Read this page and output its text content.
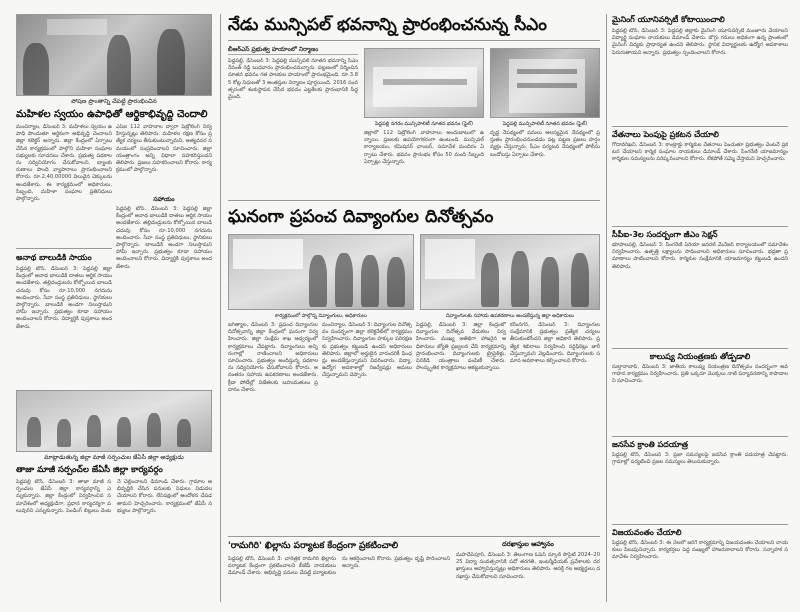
పోషణ ప్రాంతాన్ని చేపట్టి ప్రారంభించిన
మహిళల స్వయం ఉపాధితో ఆర్థికాభివృద్ధి చెందాలి
మంచిర్యాల, డిసెంబర్ 3: మహిళలు స్వయం ఉపాధి పొందుతూ ఆర్థికంగా అభివృద్ధి చెందాలని జిల్లా కలెక్టర్ అన్నారు. జిల్లా కేంద్రంలో ఏర్పాటు చేసిన కార్యక్రమంలో పాల్గొని మహిళా సంఘాల సభ్యులకు సూచనలు చేశారు. ప్రభుత్వ పథకాలను సద్వినియోగం చేసుకోవాలని, బ్యాంకు రుణాలు పొంది వ్యాపారాలు ప్రారంభించాలని కోరారు. రూ.2,40,00000 విలువైన చెక్కులను అందజేశారు. ఈ కార్యక్రమంలో అధికారులు, సిబ్బంది, మహిళా సంఘాల ప్రతినిధులు పాల్గొన్నారు.
ఎస్ఐ 112 వాహనాల ద్వారా పెట్రోలింగ్ నిర్వహిస్తున్నట్లు తెలిపారు. మహిళల రక్షణ కోసం ప్రత్యేక చర్యలు తీసుకుంటున్నామని, అత్యవసర సమయంలో సంప్రదించాలని సూచించారు. జిల్లా యంత్రాంగం అన్ని విధాలా సహకరిస్తుందని తెలిపారు. ప్రజలు సహకరించాలని కోరారు. కార్యక్రమంలో పాల్గొన్నారు.
సహాయం
పెద్దపల్లి టౌన్, డిసెంబర్ 3: పెద్దపల్లి జిల్లా కేంద్రంలో అనాథ బాలుడికి దాతలు ఆర్థిక సాయం అందజేశారు. తల్లిదండ్రులను కోల్పోయిన బాలుడి చదువు కోసం రూ.10,000 నగదును అందించారు. సేవా సంస్థ ప్రతినిధులు, స్థానికులు పాల్గొన్నారు. బాలుడికి అండగా నిలుస్తామని హామీ ఇచ్చారు. ప్రభుత్వం కూడా సహాయం అందించాలని కోరారు. విద్యార్థికి పుస్తకాలు అందజేశారు.
అనాథ బాలుడికి సాయం
పెద్దపల్లి టౌన్, డిసెంబర్ 3: పెద్దపల్లి జిల్లా కేంద్రంలో అనాథ బాలుడికి దాతలు ఆర్థిక సాయం అందజేశారు. తల్లిదండ్రులను కోల్పోయిన బాలుడి చదువు కోసం రూ.10,000 నగదును అందించారు. సేవా సంస్థ ప్రతినిధులు, స్థానికులు పాల్గొన్నారు. బాలుడికి అండగా నిలుస్తామని హామీ ఇచ్చారు. ప్రభుత్వం కూడా సహాయం అందించాలని కోరారు. విద్యార్థికి పుస్తకాలు అందజేశారు.
మాట్లాడుతున్న జిల్లా మాజీ సర్పంచుల జేఏసీ జిల్లా అధ్యక్షుడు
తాజా మాజీ సర్పంచ్‌ల జేఏసీ జిల్లా కార్యవర్గం
పెద్దపల్లి టౌన్, డిసెంబర్ 3: తాజా మాజీ సర్పంచుల జేఏసీ జిల్లా కార్యవర్గాన్ని ఎన్నుకున్నారు. జిల్లా కేంద్రంలో నిర్వహించిన సమావేశంలో అధ్యక్షుడిగా, ప్రధాన కార్యదర్శిగా పలువురిని ఎన్నుకున్నారు. పెండింగ్ బిల్లులు వెంటనే చెల్లించాలని డిమాండ్ చేశారు. గ్రామాల అభివృద్ధికి చేసిన పనులకు నిధులు విడుదల చేయాలని కోరారు. లేనిపక్షంలో ఆందోళన చేపడతామని హెచ్చరించారు. కార్యక్రమంలో జేఏసీ సభ్యులు పాల్గొన్నారు.
నేడు మున్సిపల్ భవనాన్ని ప్రారంభించనున్న సీఎం
బీఆర్ఎస్ ప్రభుత్వ హయాంలో నిర్మాణం
పెద్దపల్లి, డిసెంబర్ 3: పెద్దపల్లి మున్సిపల్ నూతన భవనాన్ని సీఎం రేవంత్ రెడ్డి బుధవారం ప్రారంభించనున్నారు. పట్టణంలో నిర్మించిన నూతన భవనం గత పాలకుల హయాంలో ప్రారంభమైంది. రూ.3.85 కోట్ల నిధులతో 3 అంతస్తుల నిర్మాణం పూర్తయింది. 2016 సంవత్సరంలో శంకుస్థాపన చేసిన భవనం ఎట్టకేలకు ప్రారంభానికి సిద్ధమైంది.
పెద్దపల్లి నగరం మున్సిపాలిటీ నూతన భవనం (ఫైల్)	పెద్దపల్లి మున్సిపాలిటీ నూతన భవనం (ఫైల్)
జిల్లాలో 112 పెట్రోలింగ్ వాహనాలు అందుబాటులో ఉన్నాయి. ప్రజలకు ఉపయోగకరంగా ఉంటుంది. మున్సిపల్ కార్యాలయం, కమిషనర్ ఛాంబర్, సమావేశ మందిరం ఏర్పాటు చేశారు. భవనం ప్రారంభం కోసం 50 మంది సిబ్బంది ఏర్పాట్లు చేస్తున్నారు.
వృద్ధ నేపథ్యంలో పనులు ఆలస్యమైన నేపథ్యంలో ప్రస్తుతం ప్రారంభించనుండడం పట్ల పట్టణ ప్రజలు హర్షం వ్యక్తం చేస్తున్నారు. సీఎం పర్యటన నేపథ్యంలో పోలీసు బందోబస్తు ఏర్పాటు చేశారు.
ఘనంగా ప్రపంచ దివ్యాంగుల దినోత్సవం
కార్యక్రమంలో పాల్గొన్న దివ్యాంగులు, అధికారులు	దివ్యాంగులకు సహాయ ఉపకరణాలు అందజేస్తున్న జిల్లా అధికారులు
జగిత్యాల, డిసెంబర్ 3: ప్రపంచ దివ్యాంగుల దినోత్సవాన్ని జిల్లా కేంద్రంలో ఘనంగా నిర్వహించారు. జిల్లా సంక్షేమ శాఖ ఆధ్వర్యంలో కార్యక్రమాలు చేపట్టారు. దివ్యాంగులు అన్ని రంగాల్లో రాణించాలని అధికారులు సూచించారు. ప్రభుత్వం అందిస్తున్న పథకాలను సద్వినియోగం చేసుకోవాలని కోరారు. అనంతరం సహాయ ఉపకరణాలు అందజేశారు. క్రీడా పోటీల్లో విజేతలకు బహుమతులు ప్రదానం చేశారు.
మంచిర్యాల, డిసెంబర్ 3: దివ్యాంగుల దినోత్సవం సందర్భంగా జిల్లా కలెక్టరేట్‌లో కార్యక్రమం నిర్వహించారు. దివ్యాంగుల హక్కుల పరిరక్షణకు ప్రభుత్వం కట్టుబడి ఉందని అధికారులు తెలిపారు. జిల్లాలో అర్హులైన వారందరికీ పింఛన్లు అందజేస్తున్నామని వివరించారు. విద్యా, ఉద్యోగ అవకాశాల్లో రిజర్వేషన్లు అమలు చేస్తున్నామని చెప్పారు.
పెద్దపల్లి, డిసెంబర్ 3: జిల్లా కేంద్రంలో దివ్యాంగుల దినోత్సవ వేడుకలు నిర్వహించారు. ముఖ్య అతిథిగా హాజరైన అధికారులు జ్యోతి ప్రజ్వలన చేసి కార్యక్రమాన్ని ప్రారంభించారు. దివ్యాంగులకు ట్రైసైకిళ్లు, వినికిడి యంత్రాలు పంపిణీ చేశారు. సాంస్కృతిక కార్యక్రమాలు ఆకట్టుకున్నాయి.
కరీంనగర్, డిసెంబర్ 3: దివ్యాంగుల సంక్షేమానికి ప్రభుత్వం ప్రత్యేక చర్యలు తీసుకుంటోందని జిల్లా అధికారి తెలిపారు. ప్రత్యేక శిబిరాలు నిర్వహించి సర్టిఫికెట్లు జారీ చేస్తున్నామని వెల్లడించారు. దివ్యాంగులకు సమాన అవకాశాలు కల్పించాలని కోరారు.
'రామగిరి' ఖిల్లాను పర్యాటక కేంద్రంగా ప్రకటించాలి
పెద్దపల్లి టౌన్, డిసెంబర్ 3: చారిత్రక రామగిరి ఖిల్లాను పర్యాటక కేంద్రంగా ప్రకటించాలని బీజేపీ నాయకులు డిమాండ్ చేశారు. అభివృద్ధి పనులు చేపట్టి పర్యాటకులను ఆకర్షించాలని కోరారు. ప్రభుత్వం దృష్టి సారించాలని అన్నారు.
దరఖాస్తుల ఆహ్వానం
మహదేవ్‌పూర్, డిసెంబర్ 3: తెలంగాణ ఓపెన్ స్కూల్ సొసైటీ 2024–2025 విద్యా సంవత్సరానికి పదో తరగతి, ఇంటర్మీడియట్ ప్రవేశాలకు దరఖాస్తులు ఆహ్వానిస్తున్నట్లు అధికారులు తెలిపారు. ఆసక్తి గల అభ్యర్థులు దరఖాస్తు చేసుకోవాలని సూచించారు.
మైనింగ్ యూనివర్సిటీ కోటాయించాలి
పెద్దపల్లి టౌన్, డిసెంబర్ 3: పెద్దపల్లి జిల్లాకు మైనింగ్ యూనివర్సిటీ మంజూరు చేయాలని విద్యార్థి సంఘాల నాయకులు డిమాండ్ చేశారు. బొగ్గు గనులు అధికంగా ఉన్న ప్రాంతంలో మైనింగ్ విద్యకు ప్రాధాన్యత ఉందని తెలిపారు. స్థానిక విద్యార్థులకు ఉద్యోగ అవకాశాలు పెరుగుతాయని అన్నారు. ప్రభుత్వం స్పందించాలని కోరారు.
వేతనాలు పెంపుపై ప్రకటన చేయాలి
గోదావరిఖని, డిసెంబర్ 3: కాంట్రాక్టు కార్మికుల వేతనాలు పెంచుతూ ప్రభుత్వం వెంటనే ప్రకటన చేయాలని కార్మిక సంఘాల నాయకులు డిమాండ్ చేశారు. సింగరేణి యాజమాన్యం కార్మికుల సమస్యలను పరిష్కరించాలని కోరారు. లేకపోతే సమ్మె చేస్తామని హెచ్చరించారు.
సీపీఐ-3ల సందర్భంగా జీఎం సెక్షన్
భూపాలపల్లి, డిసెంబర్ 3: సింగరేణి ఏరియా జనరల్ మేనేజర్ కార్యాలయంలో సమావేశం నిర్వహించారు. ఉత్పత్తి లక్ష్యాలను సాధించాలని అధికారులు సూచించారు. భద్రతా ప్రమాణాలు పాటించాలని కోరారు. కార్మికుల సంక్షేమానికి యాజమాన్యం కట్టుబడి ఉందని తెలిపారు.
కాలుష్య నియంత్రణకు తోడ్పడాలి
సుల్తానాబాద్, డిసెంబర్ 3: జాతీయ కాలుష్య నియంత్రణ దినోత్సవం సందర్భంగా అవగాహన కార్యక్రమం నిర్వహించారు. ప్రతి ఒక్కరూ మొక్కలు నాటి పర్యావరణాన్ని కాపాడాలని సూచించారు.
జనసేవ క్రాంతి పదయాత్ర
పెద్దపల్లి టౌన్, డిసెంబర్ 3: ప్రజా సమస్యలపై జనసేవ క్రాంతి పదయాత్ర చేపట్టారు. గ్రామాల్లో పర్యటించి ప్రజల సమస్యలు తెలుసుకున్నారు.
విజయవంతం చేయాలి
పెద్దపల్లి టౌన్, డిసెంబర్ 3: ఈ నెలలో జరిగే కార్యక్రమాన్ని విజయవంతం చేయాలని నాయకులు పిలుపునిచ్చారు. కార్యకర్తలు పెద్ద సంఖ్యలో హాజరుకావాలని కోరారు. సన్నాహక సమావేశం నిర్వహించారు.
